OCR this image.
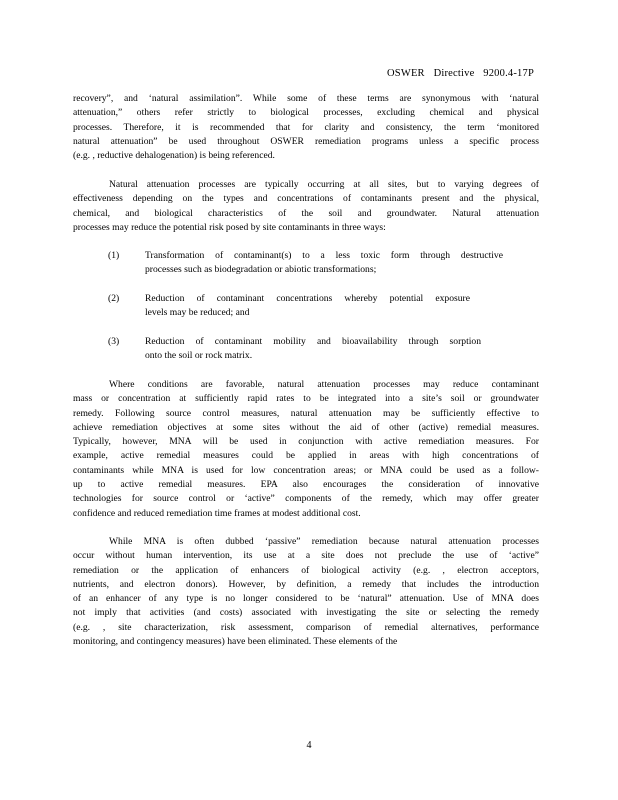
OSWER Directive 9200.4-17P
recovery”, and ‘natural assimilation”. While some of these terms are synonymous with ‘natural
attenuation,” others refer strictly to biological processes, excluding chemical and physical
processes. Therefore, it is recommended that for clarity and consistency, the term ‘monitored
natural attenuation” be used throughout OSWER remediation programs unless a specific process
(e.g. , reductive dehalogenation) is being referenced.
Natural attenuation processes are typically occurring at all sites, but to varying degrees of
effectiveness depending on the types and concentrations of contaminants present and the physical,
chemical, and biological characteristics of the soil and groundwater. Natural attenuation
processes may reduce the potential risk posed by site contaminants in three ways:
(1)	Transformation of contaminant(s) to a less toxic form through destructive
processes such as biodegradation or abiotic transformations;
(2)	Reduction of contaminant concentrations whereby potential exposure
levels may be reduced; and
(3)	Reduction of contaminant mobility and bioavailability through sorption
onto the soil or rock matrix.
Where conditions are favorable, natural attenuation processes may reduce contaminant
mass or concentration at sufficiently rapid rates to be integrated into a site’s soil or groundwater
remedy. Following source control measures, natural attenuation may be sufficiently effective to
achieve remediation objectives at some sites without the aid of other (active) remedial measures.
Typically, however, MNA will be used in conjunction with active remediation measures. For
example, active remedial measures could be applied in areas with high concentrations of
contaminants while MNA is used for low concentration areas; or MNA could be used as a follow-
up to active remedial measures. EPA also encourages the consideration of innovative
technologies for source control or ‘active” components of the remedy, which may offer greater
confidence and reduced remediation time frames at modest additional cost.
While MNA is often dubbed ‘passive” remediation because natural attenuation processes
occur without human intervention, its use at a site does not preclude the use of ‘active”
remediation or the application of enhancers of biological activity (e.g. , electron acceptors,
nutrients, and electron donors). However, by definition, a remedy that includes the introduction
of an enhancer of any type is no longer considered to be ‘natural” attenuation. Use of MNA does
not imply that activities (and costs) associated with investigating the site or selecting the remedy
(e.g. , site characterization, risk assessment, comparison of remedial alternatives, performance
monitoring, and contingency measures) have been eliminated. These elements of the
4
